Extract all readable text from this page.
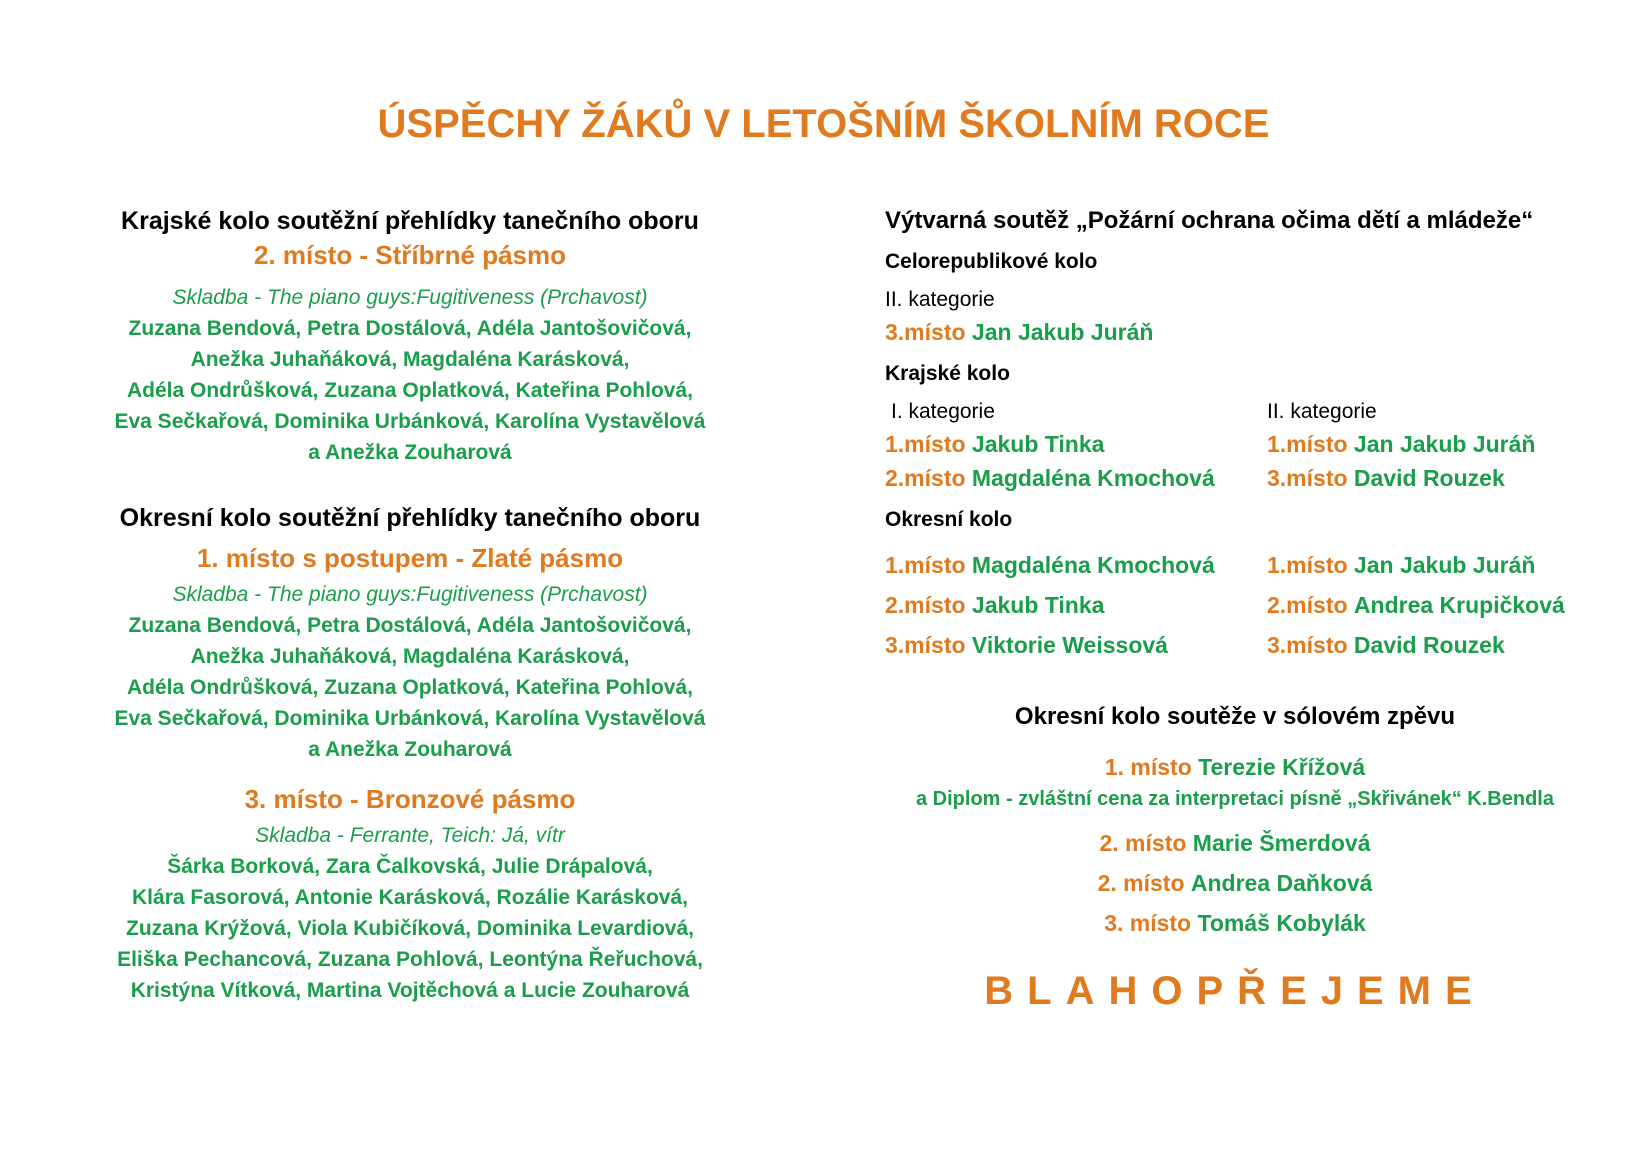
ÚSPĚCHY ŽÁKŮ V LETOŠNÍM ŠKOLNÍM ROCE
Krajské kolo soutěžní přehlídky tanečního oboru
2. místo - Stříbrné pásmo
Skladba - The piano guys:Fugitiveness (Prchavost)
Zuzana Bendová, Petra Dostálová, Adéla Jantošovičová,
Anežka Juhaňáková, Magdaléna Karásková,
Adéla Ondrůšková, Zuzana Oplatková, Kateřina Pohlová,
Eva Sečkařová, Dominika Urbánková, Karolína Vystavělová
a Anežka Zouharová
Okresní kolo soutěžní přehlídky tanečního oboru
1. místo s postupem - Zlaté pásmo
Skladba - The piano guys:Fugitiveness (Prchavost)
Zuzana Bendová, Petra Dostálová, Adéla Jantošovičová,
Anežka Juhaňáková, Magdaléna Karásková,
Adéla Ondrůšková, Zuzana Oplatková, Kateřina Pohlová,
Eva Sečkařová, Dominika Urbánková, Karolína Vystavělová
a Anežka Zouharová
3. místo - Bronzové pásmo
Skladba - Ferrante, Teich: Já, vítr
Šárka Borková, Zara Čalkovská, Julie Drápalová,
Klára Fasorová, Antonie Karásková, Rozálie Karásková,
Zuzana Krýžová, Viola Kubičíková, Dominika Levardiová,
Eliška Pechancová, Zuzana Pohlová, Leontýna Řeřuchová,
Kristýna Vítková, Martina Vojtěchová a Lucie Zouharová
Výtvarná soutěž „Požární ochrana očima dětí a mládeže“
Celorepublikové kolo
II. kategorie
3.místo
Jan Jakub Juráň
Krajské kolo
I. kategorie	II. kategorie
1.místo Jakub Tinka	1.místo Jan Jakub Juráň
2.místo Magdaléna Kmochová	3.místo David Rouzek
Okresní kolo
1.místo Magdaléna Kmochová	1.místo Jan Jakub Juráň
2.místo Jakub Tinka	2.místo Andrea Krupičková
3.místo Viktorie Weissová	3.místo David Rouzek
Okresní kolo soutěže v sólovém zpěvu
1. místo Terezie Křížová
a Diplom - zvláštní cena za interpretaci písně „Skřivánek“ K.Bendla
2. místo Marie Šmerdová
2. místo Andrea Daňková
3. místo Tomáš Kobylák
BLAHOPŘEJEME
